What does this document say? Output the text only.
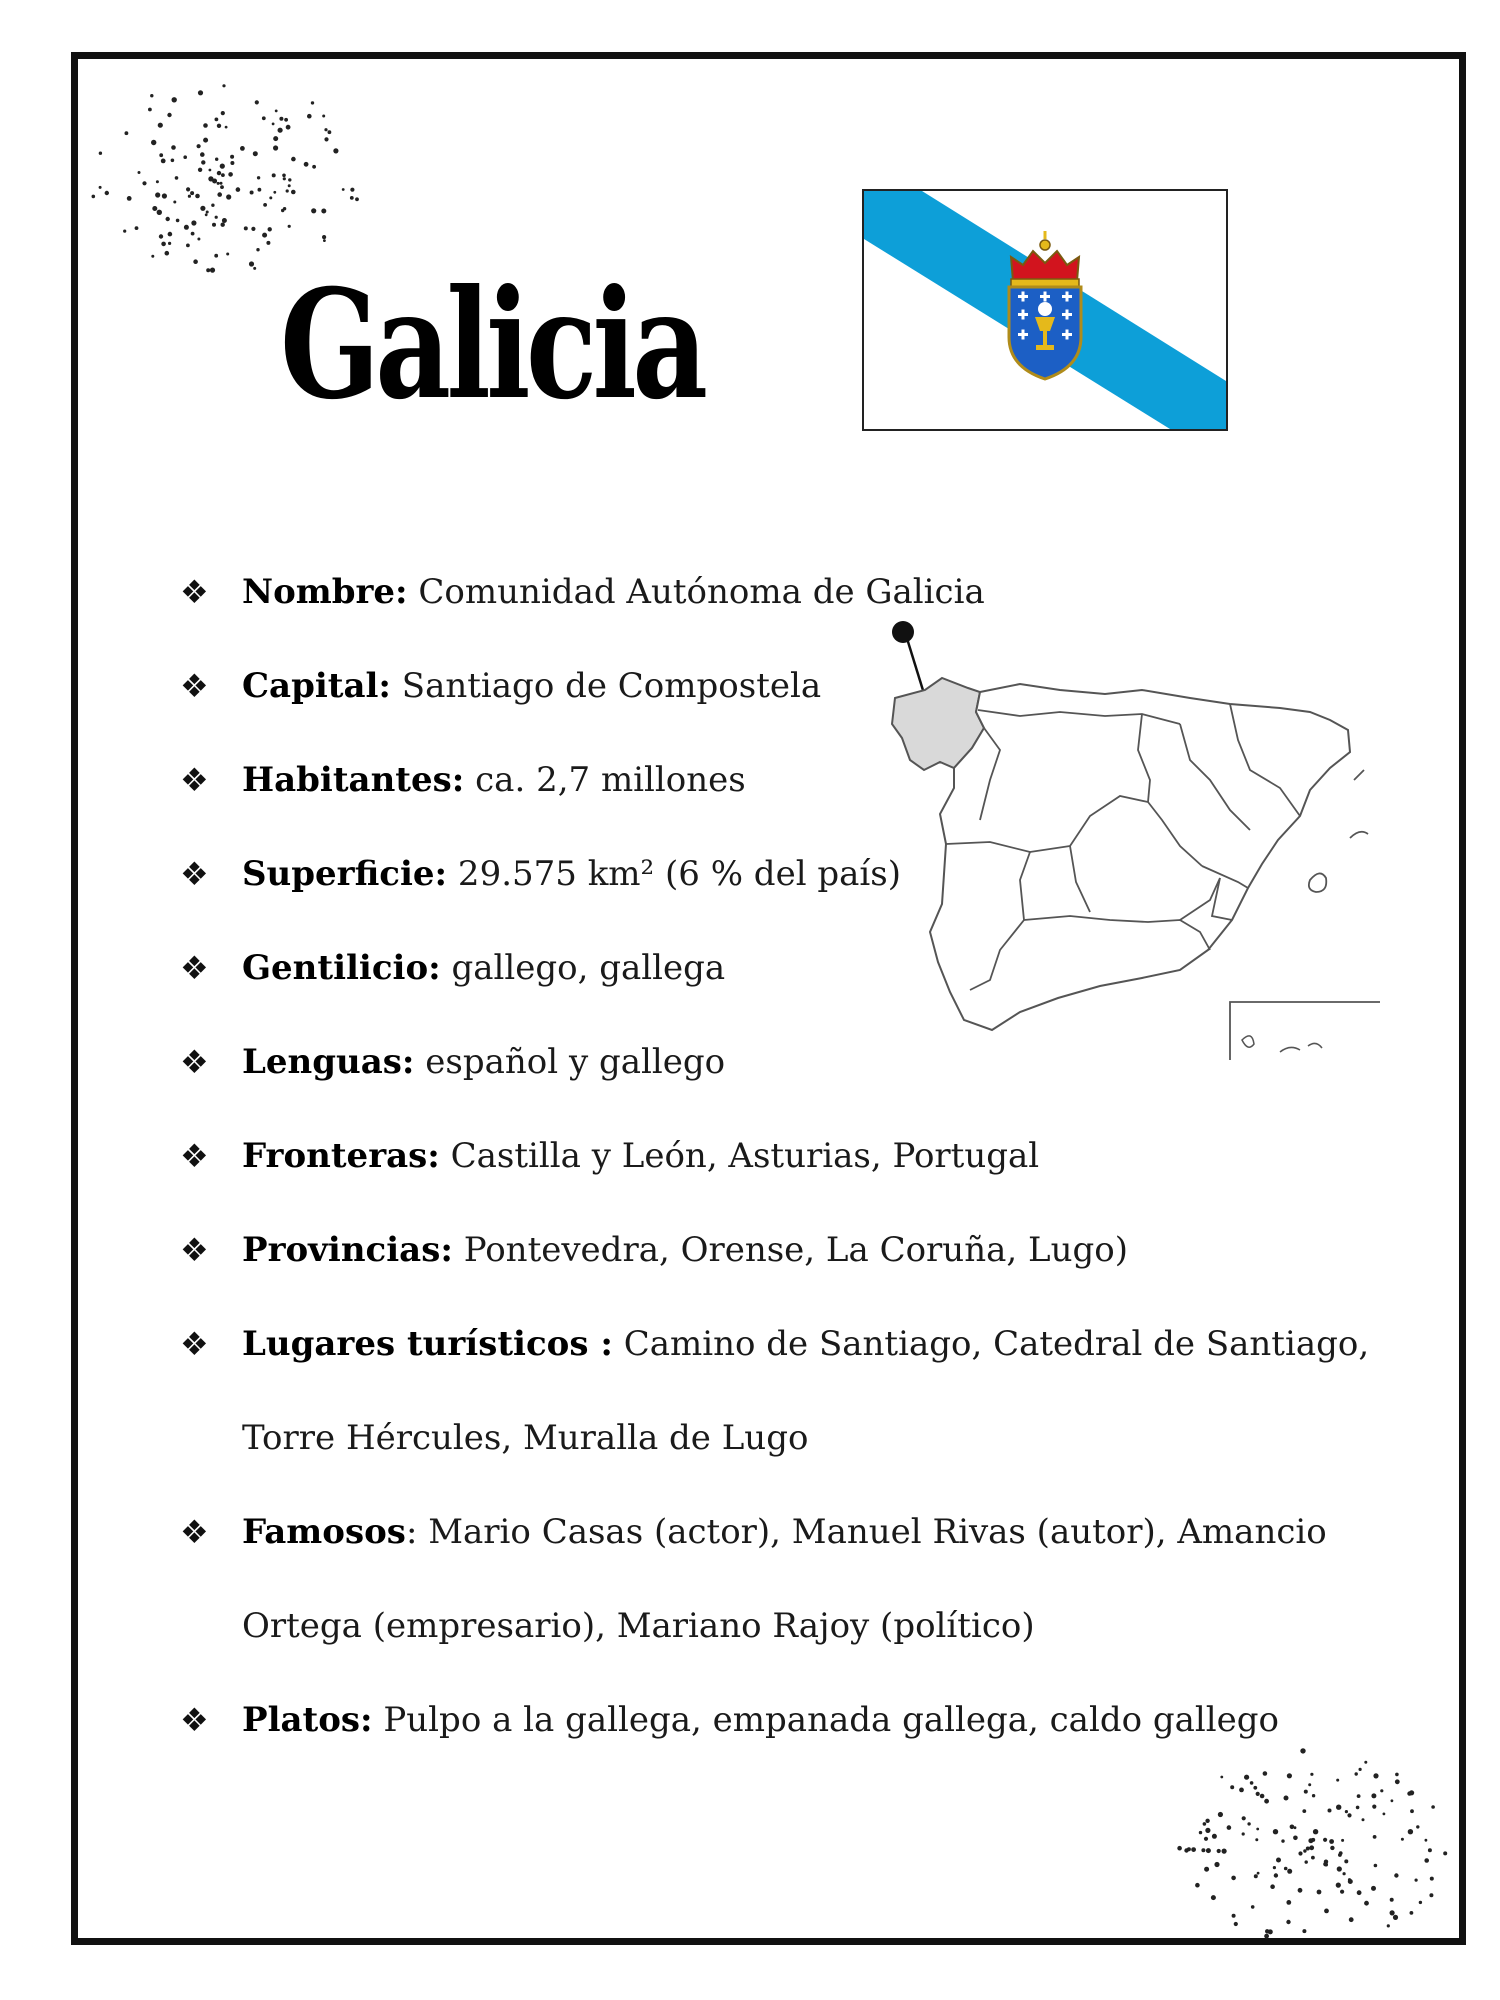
Galicia
❖ Nombre: Comunidad Autónoma de Galicia
❖ Capital: Santiago de Compostela
❖ Habitantes: ca. 2,7 millones
❖ Superficie: 29.575 km² (6 % del país)
❖ Gentilicio: gallego, gallega
❖ Lenguas: español y gallego
❖ Fronteras: Castilla y León, Asturias, Portugal
❖ Provincias: Pontevedra, Orense, La Coruña, Lugo)
❖ Lugares turísticos : Camino de Santiago, Catedral de Santiago, Torre Hércules, Muralla de Lugo
❖ Famosos: Mario Casas (actor), Manuel Rivas (autor), Amancio Ortega (empresario), Mariano Rajoy (político)
❖ Platos: Pulpo a la gallega, empanada gallega, caldo gallego
